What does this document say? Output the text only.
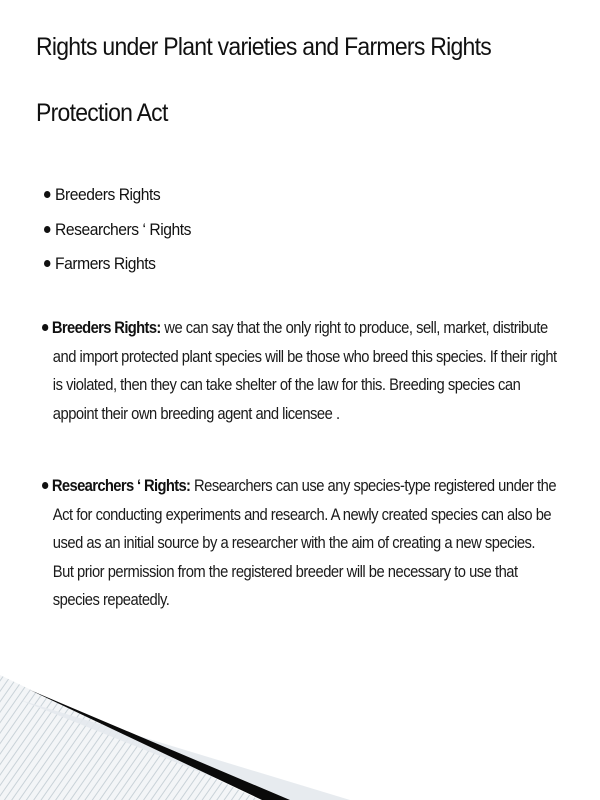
Rights under Plant varieties and Farmers Rights Protection Act
Breeders Rights
Researchers ‘ Rights
Farmers Rights

Breeders Rights: we can say that the only right to produce, sell, market, distribute and import protected plant species will be those who breed this species. If their right is violated, then they can take shelter of the law for this. Breeding species can appoint their own breeding agent and licensee .

Researchers ‘ Rights: Researchers can use any species-type registered under the Act for conducting experiments and research. A newly created species can also be used as an initial source by a researcher with the aim of creating a new species. But prior permission from the registered breeder will be necessary to use that species repeatedly.
